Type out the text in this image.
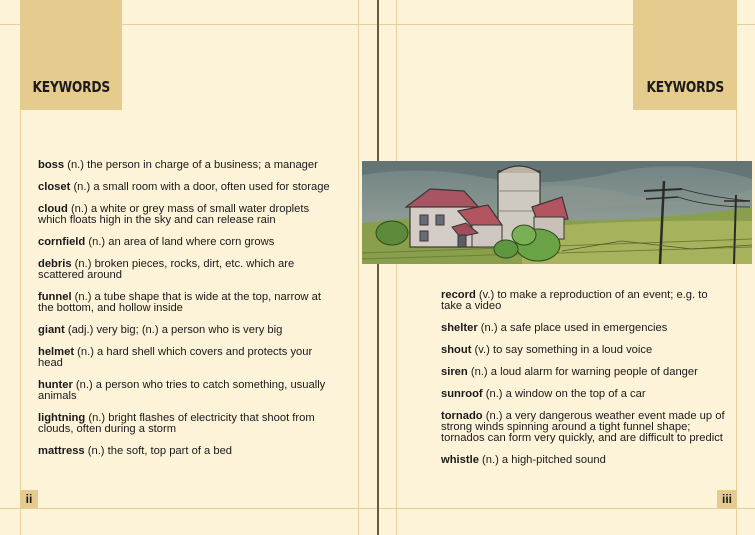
KEYWORDS

boss (n.) the person in charge of a business; a manager

closet (n.) a small room with a door, often used for storage

cloud (n.) a white or grey mass of small water droplets which floats high in the sky and can release rain

cornfield (n.) an area of land where corn grows

debris (n.) broken pieces, rocks, dirt, etc. which are scattered around

funnel (n.) a tube shape that is wide at the top, narrow at the bottom, and hollow inside

giant (adj.) very big; (n.) a person who is very big

helmet (n.) a hard shell which covers and protects your head

hunter (n.) a person who tries to catch something, usually animals

lightning (n.) bright flashes of electricity that shoot from clouds, often during a storm

mattress (n.) the soft, top part of a bed

ii
KEYWORDS

record (v.) to make a reproduction of an event; e.g. to take a video

shelter (n.) a safe place used in emergencies

shout (v.) to say something in a loud voice

siren (n.) a loud alarm for warning people of danger

sunroof (n.) a window on the top of a car

tornado (n.) a very dangerous weather event made up of strong winds spinning around a tight funnel shape; tornados can form very quickly, and are difficult to predict

whistle (n.) a high-pitched sound

iii
